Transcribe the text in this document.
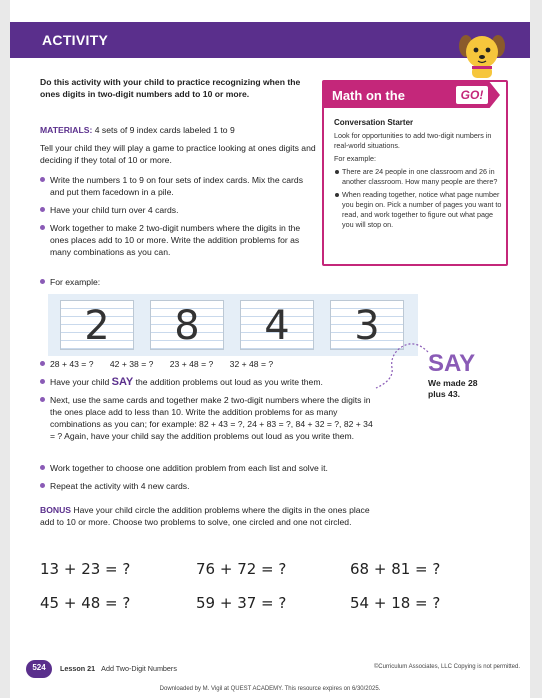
ACTIVITY
Do this activity with your child to practice recognizing when the ones digits in two-digit numbers add to 10 or more.
MATERIALS: 4 sets of 9 index cards labeled 1 to 9
Tell your child they will play a game to practice looking at ones digits and deciding if they total of 10 or more.
Write the numbers 1 to 9 on four sets of index cards. Mix the cards and put them facedown in a pile.
Have your child turn over 4 cards.
Work together to make 2 two-digit numbers where the digits in the ones places add to 10 or more. Write the addition problems for as many combinations as you can.
For example:
2	8	4	3
28 + 43 = ? 42 + 38 = ? 23 + 48 = ? 32 + 48 = ?
Have your child SAY the addition problems out loud as you write them.
Next, use the same cards and together make 2 two-digit numbers where the digits in the ones place add to less than 10. Write the addition problems for as many combinations as you can; for example: 82 + 43 = ?, 24 + 83 = ?, 84 + 32 = ?, 82 + 34 = ? Again, have your child say the addition problems out loud as you write them.
Work together to choose one addition problem from each list and solve it.
Repeat the activity with 4 new cards.
SAY
We made 28 plus 43.
Math on the	GO!
Conversation Starter

Look for opportunities to add two-digit numbers in real-world situations.

For example:

There are 24 people in one classroom and 26 in another classroom. How many people are there?
When reading together, notice what page number you begin on. Pick a number of pages you want to read, and work together to figure out what page you will stop on.
BONUS Have your child circle the addition problems where the digits in the ones place add to 10 or more. Choose two problems to solve, one circled and one not circled.
13 + 23 = ?	76 + 72 = ?	68 + 81 = ?
45 + 48 = ?	59 + 37 = ?	54 + 18 = ?
524	Lesson 21 Add Two-Digit Numbers	©Curriculum Associates, LLC Copying is not permitted.
Downloaded by M. Vigil at QUEST ACADEMY. This resource expires on 6/30/2025.
